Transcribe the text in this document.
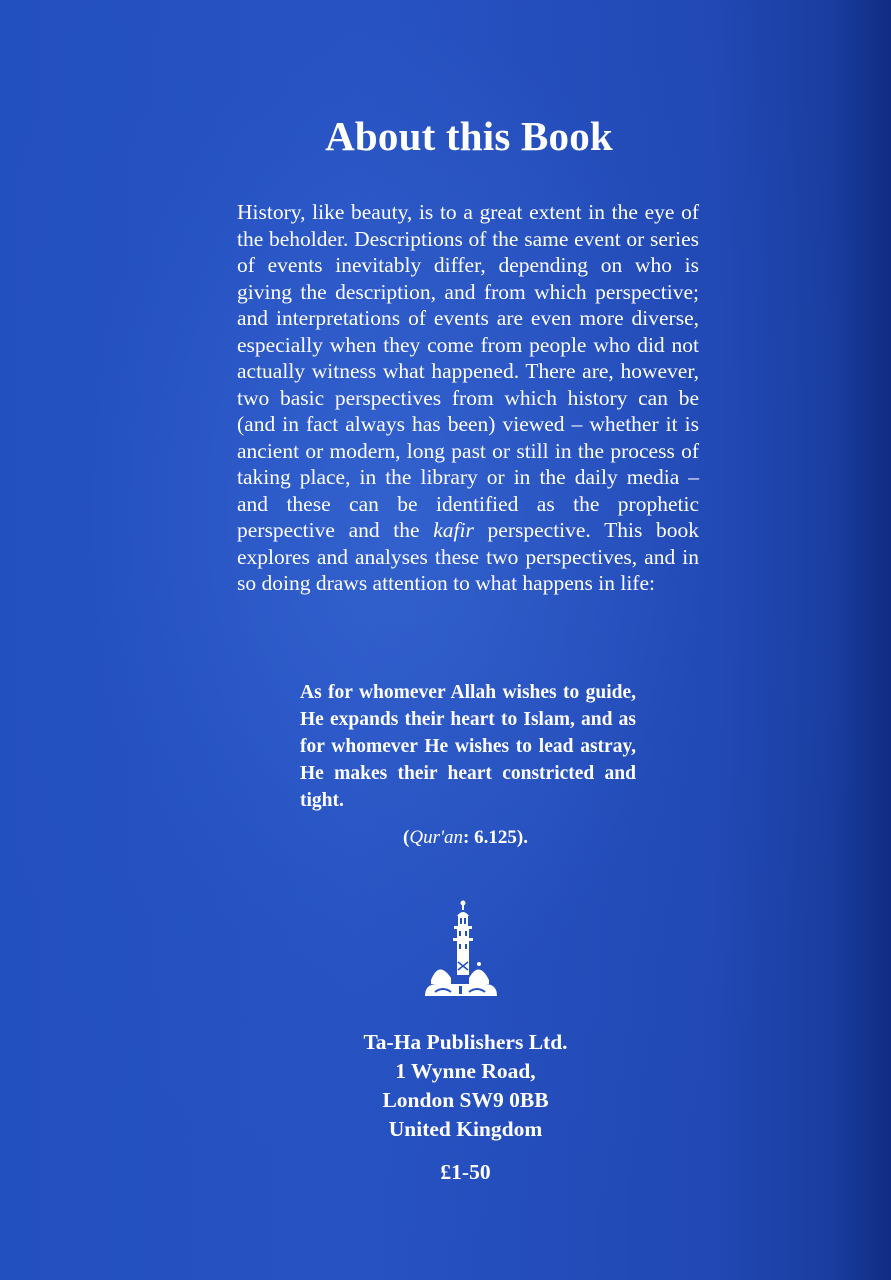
About this Book

History, like beauty, is to a great extent in the eye of the beholder. Descriptions of the same event or series of events inevitably differ, depending on who is giving the description, and from which perspective; and interpretations of events are even more diverse, especially when they come from people who did not actually witness what happened. There are, however, two basic perspectives from which history can be (and in fact always has been) viewed – whether it is ancient or modern, long past or still in the process of taking place, in the library or in the daily media – and these can be identified as the prophetic perspective and the kafir perspective. This book explores and analyses these two perspectives, and in so doing draws attention to what happens in life:

As for whomever Allah wishes to guide, He expands their heart to Islam, and as for whomever He wishes to lead astray, He makes their heart constricted and tight.

(Qur'an: 6.125).
Ta-Ha Publishers Ltd.
1 Wynne Road,
London SW9 0BB
United Kingdom
£1-50
